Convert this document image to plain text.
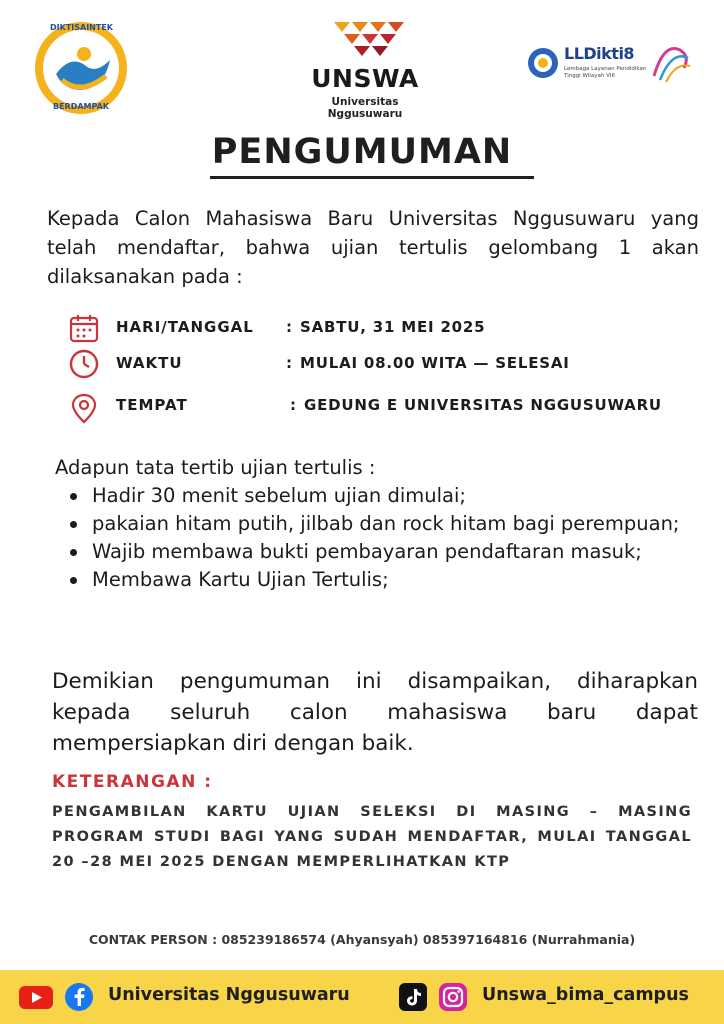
DIKTISAINTEK
BERDAMPAK
UNSWA
Universitas Nggusuwaru
LLDikti8
Lembaga Layanan Pendidikan Tinggi Wilayah VIII
PENGUMUMAN
Kepada Calon Mahasiswa Baru Universitas Nggusuwaru yang telah mendaftar, bahwa ujian tertulis gelombang 1 akan dilaksanakan pada :
HARI/TANGGAL : SABTU, 31 MEI 2025
WAKTU	: MULAI 08.00 WITA — SELESAI
TEMPAT	: GEDUNG E UNIVERSITAS NGGUSUWARU
Adapun tata tertib ujian tertulis :
Hadir 30 menit sebelum ujian dimulai;
pakaian hitam putih, jilbab dan rock hitam bagi perempuan;
Wajib membawa bukti pembayaran pendaftaran masuk;
Membawa Kartu Ujian Tertulis;
Demikian pengumuman ini disampaikan, diharapkan kepada seluruh calon mahasiswa baru dapat mempersiapkan diri dengan baik.
KETERANGAN :
PENGAMBILAN KARTU UJIAN SELEKSI DI MASING – MASING PROGRAM STUDI BAGI YANG SUDAH MENDAFTAR, MULAI TANGGAL 20 –28 MEI 2025 DENGAN MEMPERLIHATKAN KTP
CONTAK PERSON : 085239186574 (Ahyansyah) 085397164816 (Nurrahmania)
Universitas Nggusuwaru	Unswa_bima_campus
